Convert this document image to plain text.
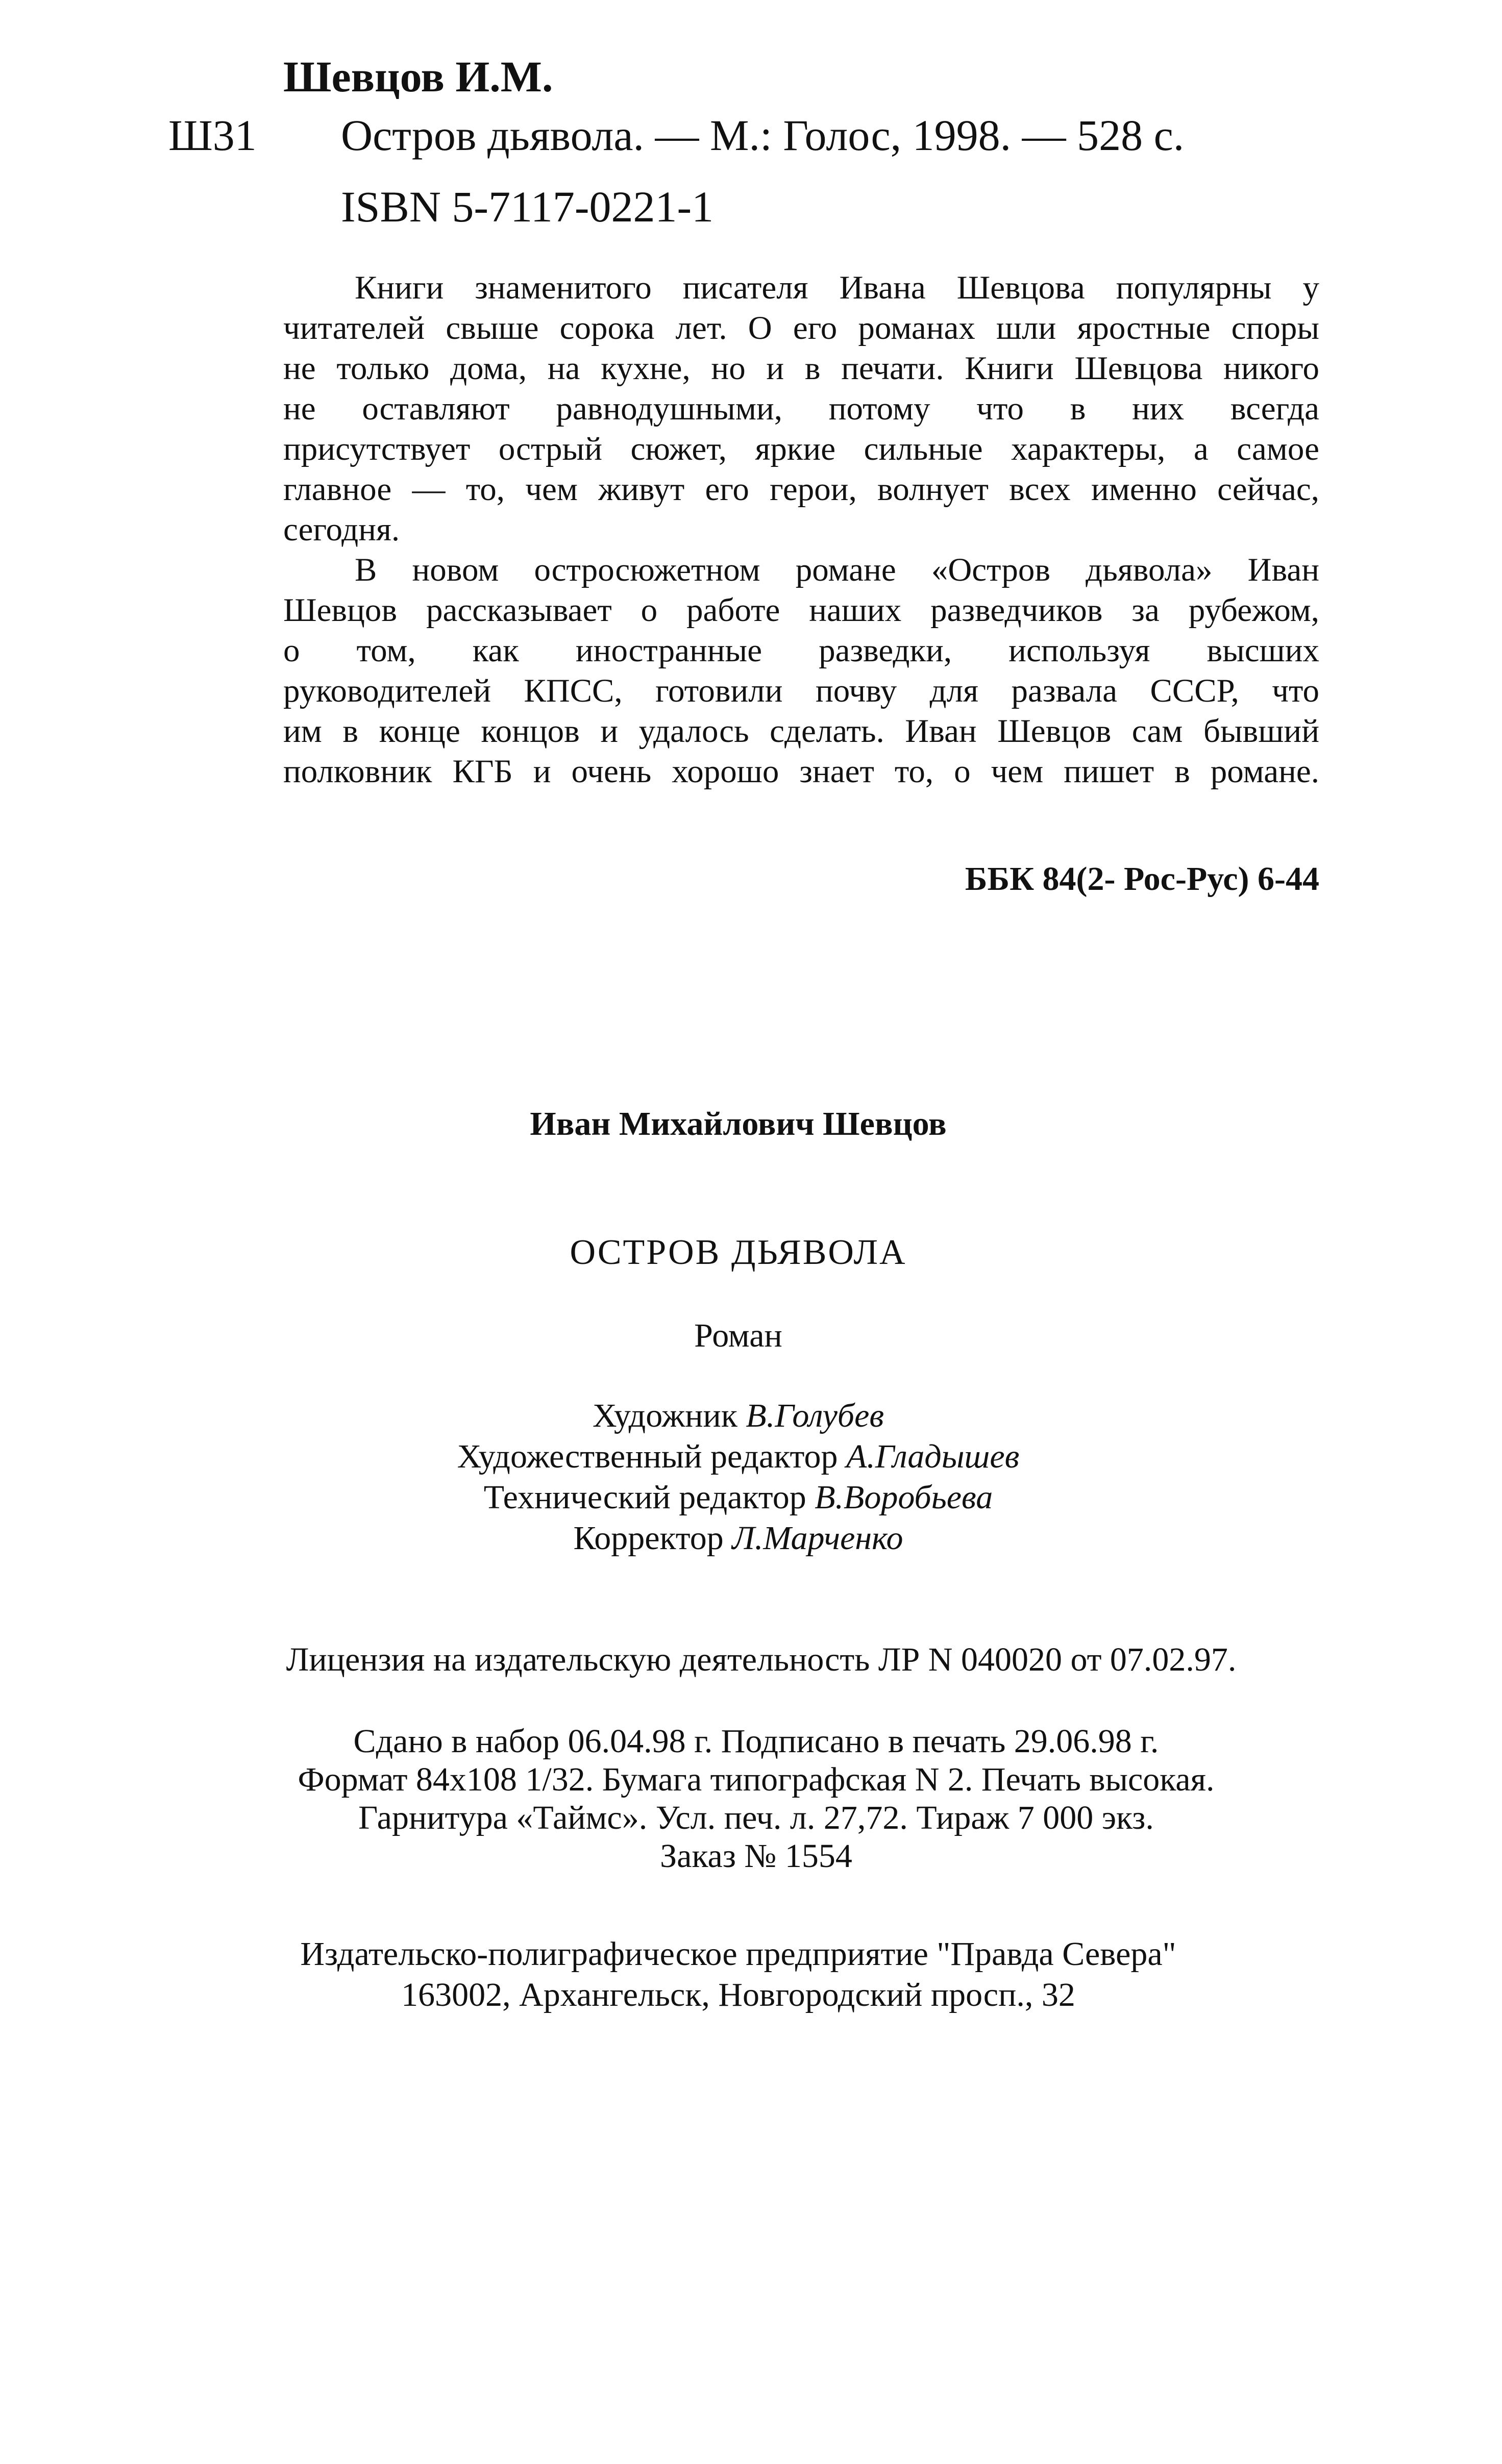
Шевцов И.М.
Ш31 Остров дьявола. — М.: Голос, 1998. — 528 с.
ISBN 5-7117-0221-1

Книги знаменитого писателя Ивана Шевцова популярны у
читателей свыше сорока лет. О его романах шли яростные споры
не только дома, на кухне, но и в печати. Книги Шевцова никого
не оставляют равнодушными, потому что в них всегда
присутствует острый сюжет, яркие сильные характеры, а самое
главное — то, чем живут его герои, волнует всех именно сейчас,
сегодня.

В новом остросюжетном романе «Остров дьявола» Иван
Шевцов рассказывает о работе наших разведчиков за рубежом,
о том, как иностранные разведки, используя высших
руководителей КПСС, готовили почву для развала СССР, что
им в конце концов и удалось сделать. Иван Шевцов сам бывший
полковник КГБ и очень хорошо знает то, о чем пишет в романе.

ББК 84(2- Рос-Рус) 6-44
Иван Михайлович Шевцов
ОСТРОВ ДЬЯВОЛА
Роман
Художник В.Голубев
Художественный редактор А.Гладышев
Технический редактор В.Воробьева
Корректор Л.Марченко
Лицензия на издательскую деятельность ЛР N 040020 от 07.02.97.
Сдано в набор 06.04.98 г. Подписано в печать 29.06.98 г.
Формат 84x108 1/32. Бумага типографская N 2. Печать высокая.
Гарнитура «Таймс». Усл. печ. л. 27,72. Тираж 7 000 экз.
Заказ № 1554
Издательско-полиграфическое предприятие "Правда Севера"
163002, Архангельск, Новгородский просп., 32
